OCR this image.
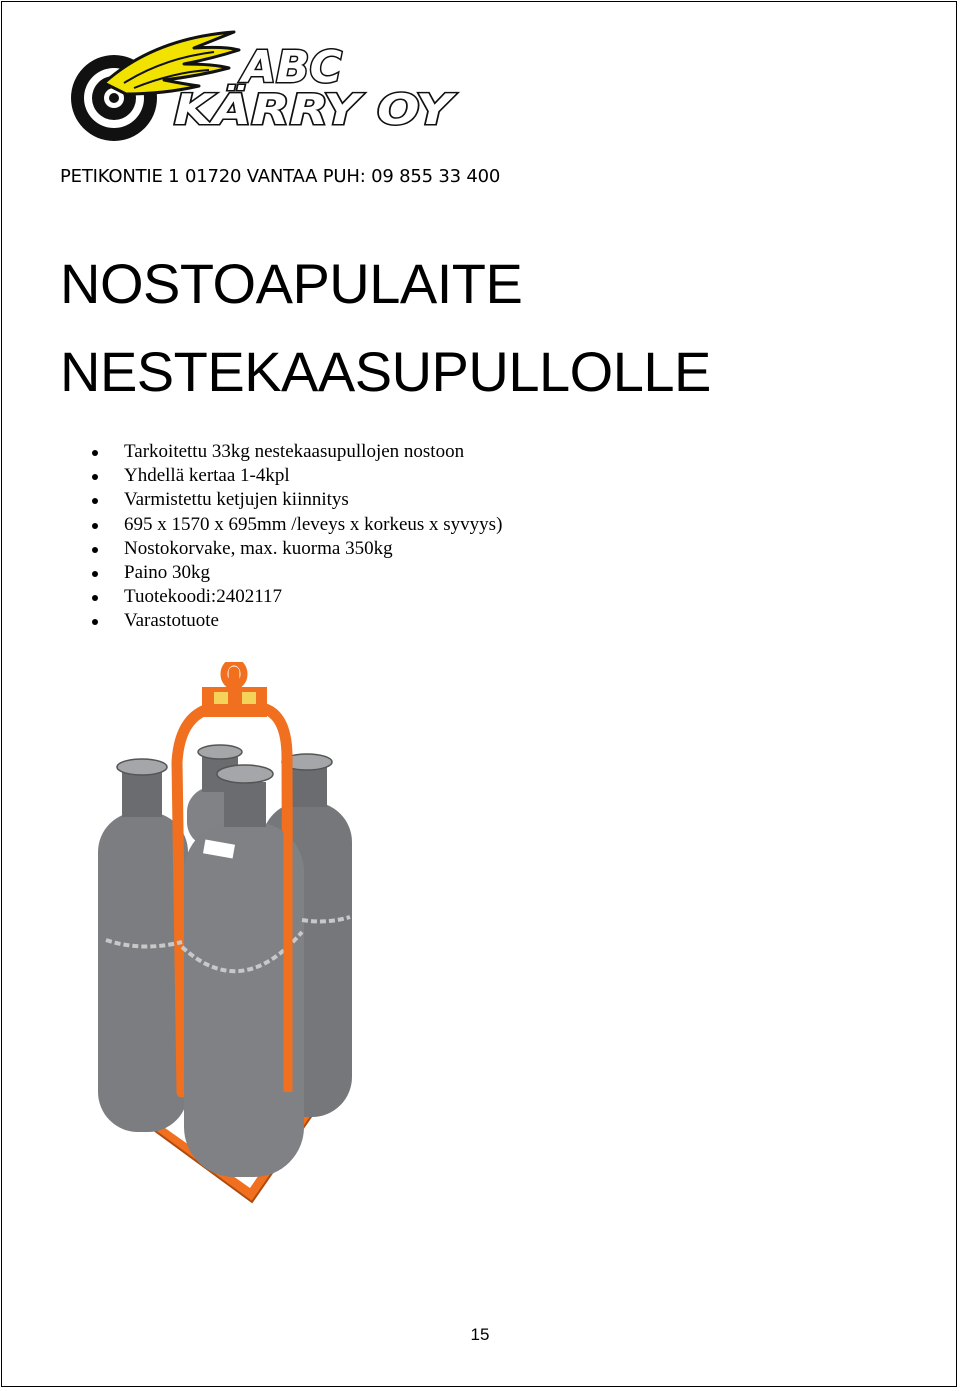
ABC
KÄRRY OY
PETIKONTIE 1 01720 VANTAA PUH: 09 855 33 400
NOSTOAPULAITE
NESTEKAASUPULLOLLE
Tarkoitettu 33kg nestekaasupullojen nostoon
Yhdellä kertaa 1-4kpl
Varmistettu ketjujen kiinnitys
695 x 1570 x 695mm /leveys x korkeus x syvyys)
Nostokorvake, max. kuorma 350kg
Paino 30kg
Tuotekoodi:2402117
Varastotuote
15
